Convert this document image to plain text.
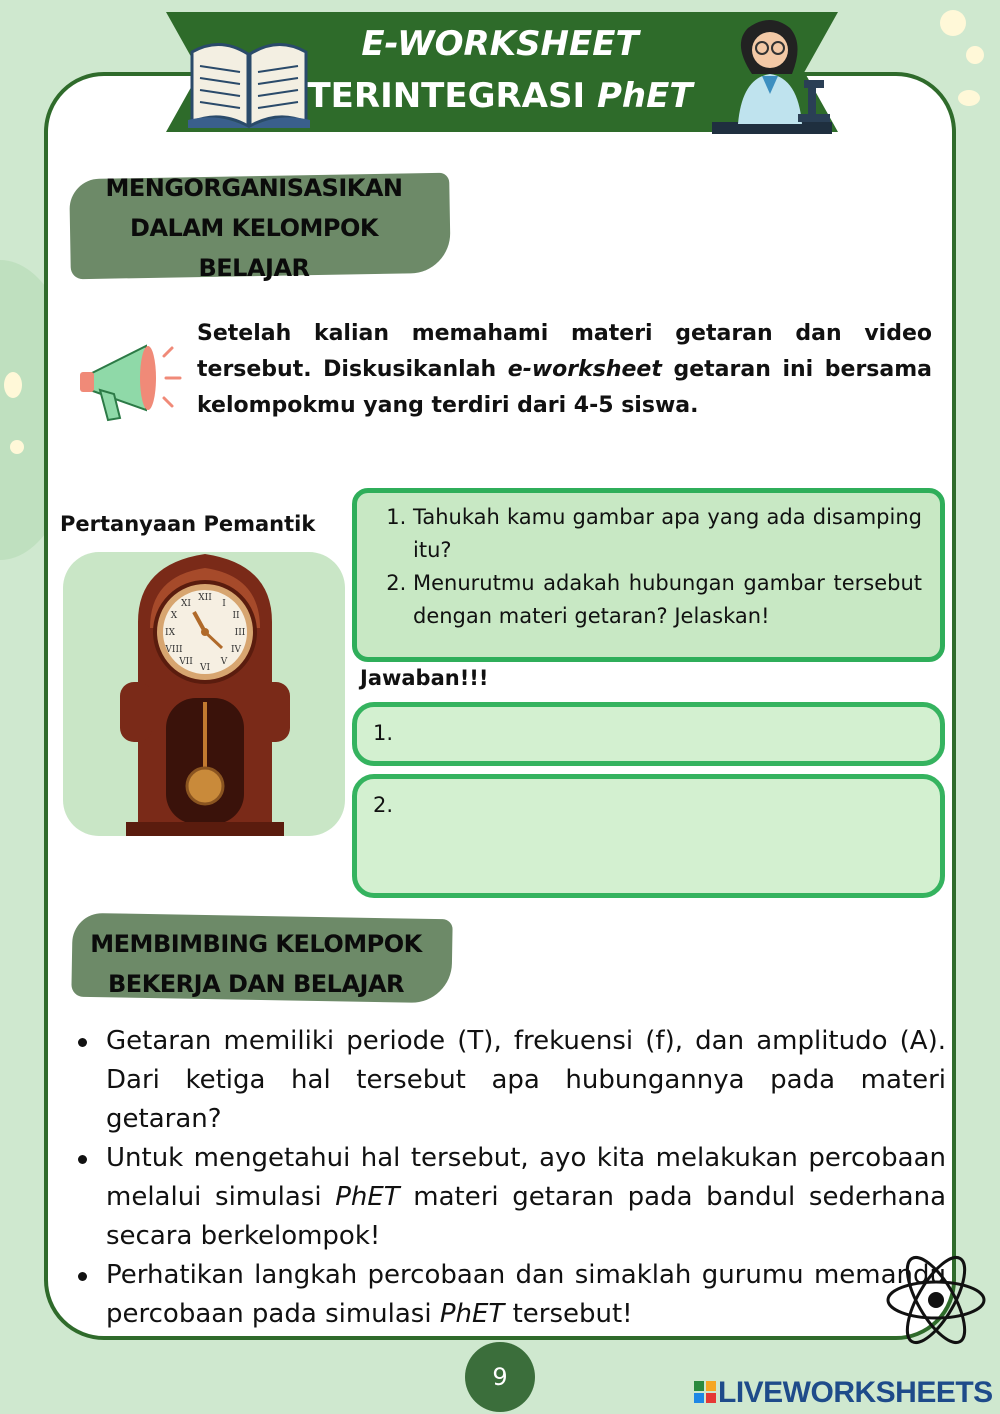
E-WORKSHEET
TERINTEGRASI PhET
MENGORGANISASIKAN
DALAM KELOMPOK
BELAJAR
Setelah kalian memahami materi getaran dan video tersebut. Diskusikanlah e-worksheet getaran ini bersama kelompokmu yang terdiri dari 4-5 siswa.
Pertanyaan Pemantik
XII
I
II
III
IV
V
VI
VII
VIII
IX
X
XI
1. Tahukah kamu gambar apa yang ada disamping itu?
2. Menurutmu adakah hubungan gambar tersebut dengan materi getaran? Jelaskan!
Jawaban!!!
1.
2.
MEMBIMBING KELOMPOK
BEKERJA DAN BELAJAR
Getaran memiliki periode (T), frekuensi (f), dan amplitudo (A). Dari ketiga hal tersebut apa hubungannya pada materi getaran?
Untuk mengetahui hal tersebut, ayo kita melakukan percobaan melalui simulasi PhET materi getaran pada bandul sederhana secara berkelompok!
Perhatikan langkah percobaan dan simaklah gurumu memandu percobaan pada simulasi PhET tersebut!
9	LIVEWORKSHEETS
